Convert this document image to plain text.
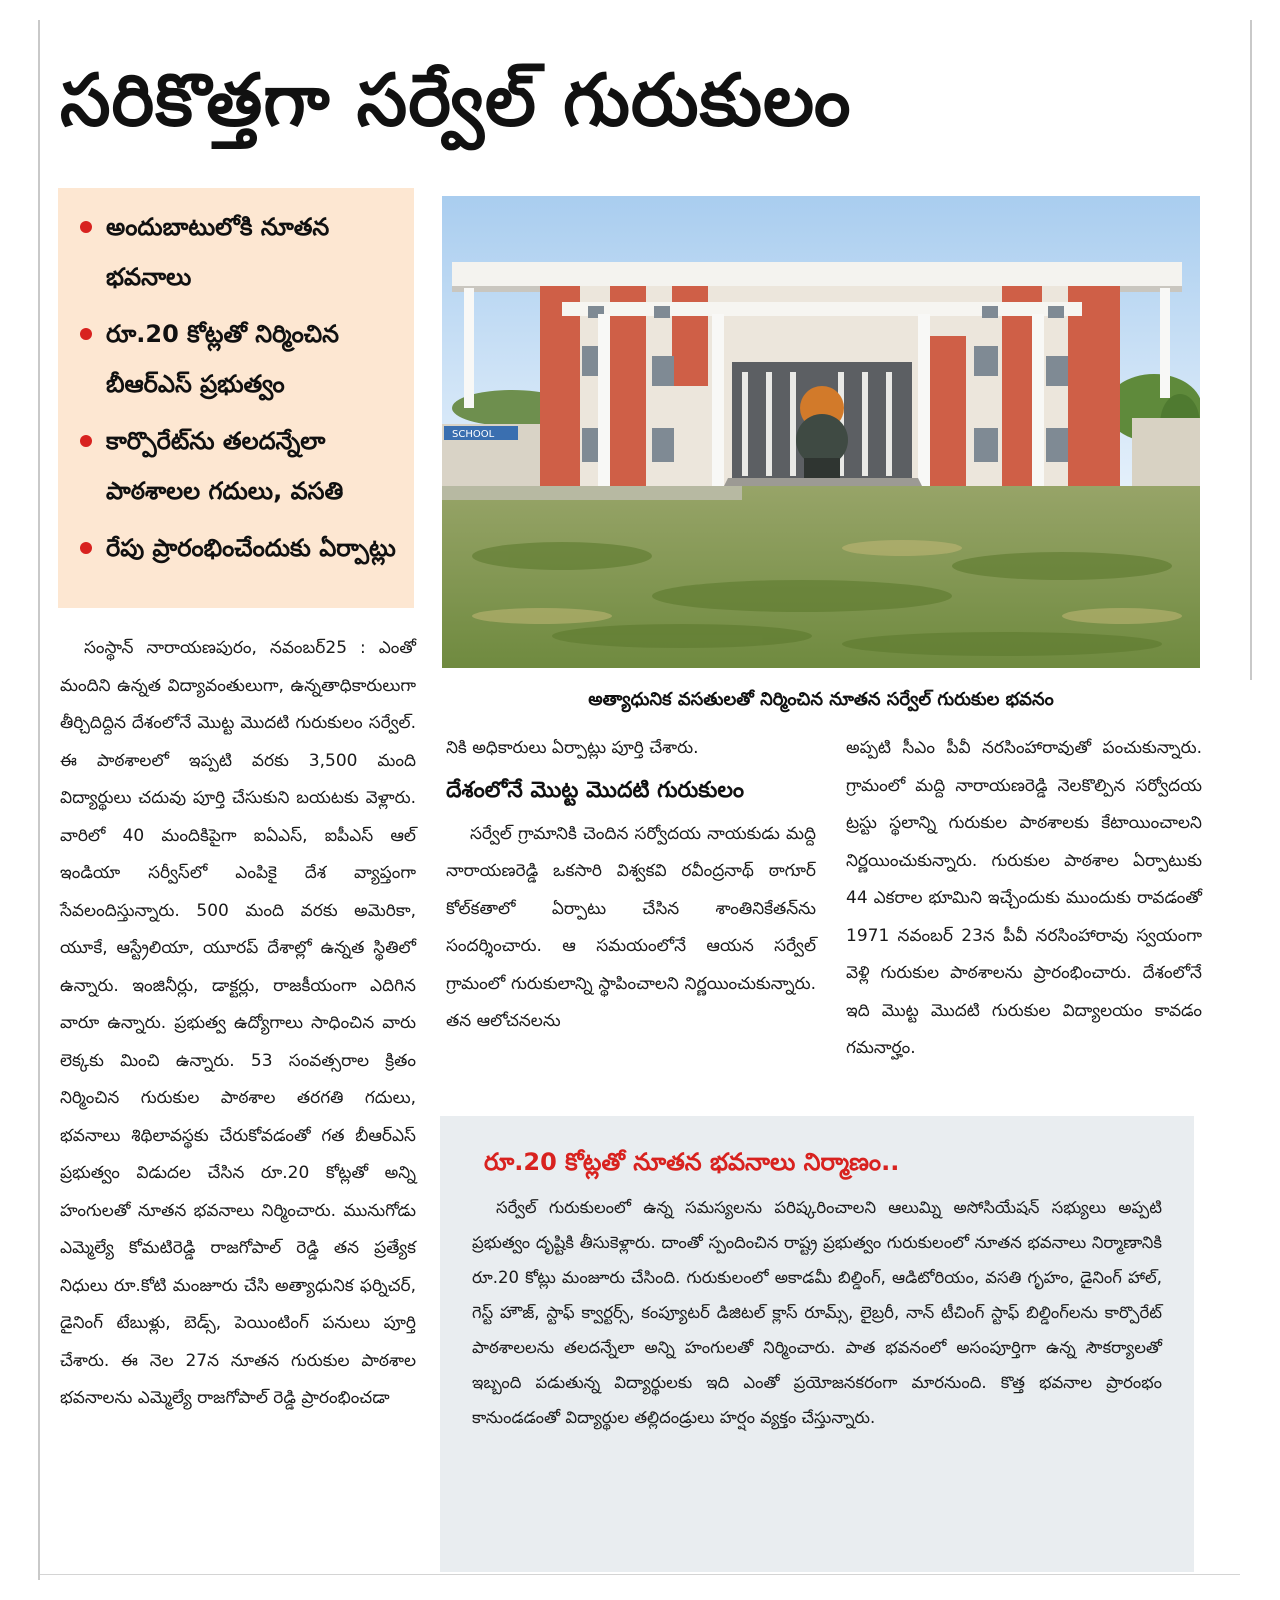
సరికొత్తగా సర్వేల్ గురుకులం
అందుబాటులోకి నూతన భవనాలు
రూ.20 కోట్లతో నిర్మించిన బీఆర్ఎస్ ప్రభుత్వం
కార్పొరేట్‌ను తలదన్నేలా పాఠశాలల గదులు, వసతి
రేపు ప్రారంభించేందుకు ఏర్పాట్లు
SCHOOL
అత్యాధునిక వసతులతో నిర్మించిన నూతన సర్వేల్ గురుకుల భవనం

సంస్థాన్ నారాయణపురం, నవంబర్25 : ఎంతో మందిని ఉన్నత విద్యావంతులుగా, ఉన్నతాధికారులుగా తీర్చిదిద్దిన దేశంలోనే మొట్ట మొదటి గురుకులం సర్వేల్. ఈ పాఠశాలలో ఇప్పటి వరకు 3,500 మంది విద్యార్థులు చదువు పూర్తి చేసుకుని బయటకు వెళ్లారు. వారిలో 40 మందికిపైగా ఐఏఎస్, ఐపీఎస్ ఆల్ ఇండియా సర్వీస్‌లో ఎంపికై దేశ వ్యాప్తంగా సేవలందిస్తున్నారు. 500 మంది వరకు అమెరికా, యూకే, ఆస్ట్రేలియా, యూరప్ దేశాల్లో ఉన్నత స్థితిలో ఉన్నారు. ఇంజినీర్లు, డాక్టర్లు, రాజకీయంగా ఎదిగిన వారూ ఉన్నారు. ప్రభుత్వ ఉద్యోగాలు సాధించిన వారు లెక్కకు మించి ఉన్నారు. 53 సంవత్సరాల క్రితం నిర్మించిన గురుకుల పాఠశాల తరగతి గదులు, భవనాలు శిథిలావస్థకు చేరుకోవడంతో గత బీఆర్ఎస్ ప్రభుత్వం విడుదల చేసిన రూ.20 కోట్లతో అన్ని హంగులతో నూతన భవనాలు నిర్మించారు. మునుగోడు ఎమ్మెల్యే కోమటిరెడ్డి రాజగోపాల్ రెడ్డి తన ప్రత్యేక నిధులు రూ.కోటి మంజూరు చేసి అత్యాధునిక ఫర్నిచర్, డైనింగ్ టేబుళ్లు, బెడ్స్, పెయింటింగ్ పనులు పూర్తి చేశారు. ఈ నెల 27న నూతన గురుకుల పాఠశాల భవనాలను ఎమ్మెల్యే రాజగోపాల్ రెడ్డి ప్రారంభించడా

నికి అధికారులు ఏర్పాట్లు పూర్తి చేశారు.

దేశంలోనే మొట్ట మొదటి గురుకులం

సర్వేల్ గ్రామానికి చెందిన సర్వోదయ నాయకుడు మద్ది నారాయణరెడ్డి ఒకసారి విశ్వకవి రవీంద్రనాథ్ ఠాగూర్ కోల్‌కతాలో ఏర్పాటు చేసిన శాంతినికేతన్‌ను సందర్శించారు. ఆ సమయంలోనే ఆయన సర్వేల్ గ్రామంలో గురుకులాన్ని స్థాపించాలని నిర్ణయించుకున్నారు. తన ఆలోచనలను

అప్పటి సీఎం పీవీ నరసింహారావుతో పంచుకున్నారు. గ్రామంలో మద్ది నారాయణరెడ్డి నెలకొల్పిన సర్వోదయ ట్రస్టు స్థలాన్ని గురుకుల పాఠశాలకు కేటాయించాలని నిర్ణయించుకున్నారు. గురుకుల పాఠశాల ఏర్పాటుకు 44 ఎకరాల భూమిని ఇచ్చేందుకు ముందుకు రావడంతో 1971 నవంబర్ 23న పీవీ నరసింహారావు స్వయంగా వెళ్లి గురుకుల పాఠశాలను ప్రారంభించారు. దేశంలోనే ఇది మొట్ట మొదటి గురుకుల విద్యాలయం కావడం గమనార్హం.

రూ.20 కోట్లతో నూతన భవనాలు నిర్మాణం..

సర్వేల్ గురుకులంలో ఉన్న సమస్యలను పరిష్కరించాలని ఆలుమ్ని అసోసియేషన్ సభ్యులు అప్పటి ప్రభుత్వం దృష్టికి తీసుకెళ్లారు. దాంతో స్పందించిన రాష్ట్ర ప్రభుత్వం గురుకులంలో నూతన భవనాలు నిర్మాణానికి రూ.20 కోట్లు మంజూరు చేసింది. గురుకులంలో అకాడమీ బిల్డింగ్, ఆడిటోరియం, వసతి గృహం, డైనింగ్ హాల్, గెస్ట్ హౌజ్, స్టాఫ్ క్వార్టర్స్, కంప్యూటర్ డిజిటల్ క్లాస్ రూమ్స్, లైబ్రరీ, నాన్ టీచింగ్ స్టాఫ్ బిల్డింగ్‌లను కార్పొరేట్ పాఠశాలలను తలదన్నేలా అన్ని హంగులతో నిర్మించారు. పాత భవనంలో అసంపూర్తిగా ఉన్న సౌకర్యాలతో ఇబ్బంది పడుతున్న విద్యార్థులకు ఇది ఎంతో ప్రయోజనకరంగా మారనుంది. కొత్త భవనాల ప్రారంభం కానుండడంతో విద్యార్థుల తల్లిదండ్రులు హర్షం వ్యక్తం చేస్తున్నారు.
